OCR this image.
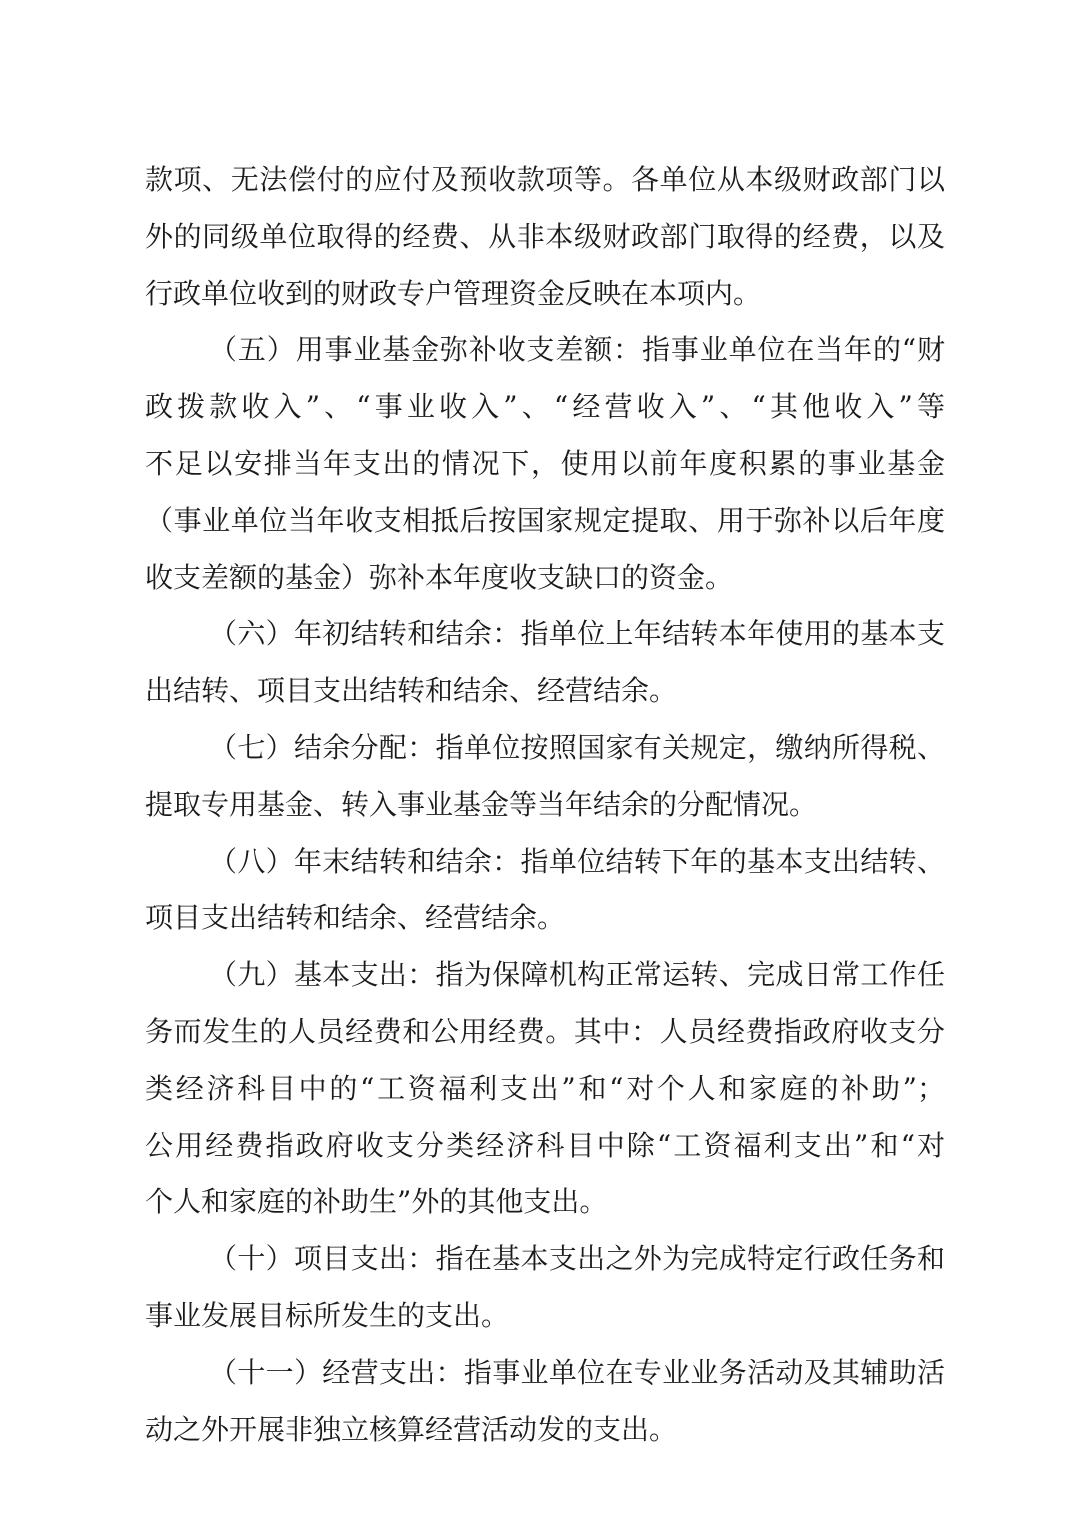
款项、无法偿付的应付及预收款项等。各单位从本级财政部门以
外的同级单位取得的经费、从非本级财政部门取得的经费，以及
行政单位收到的财政专户管理资金反映在本项内。
（五）用事业基金弥补收支差额：指事业单位在当年的“财
政拨款收入”、“事业收入”、“经营收入”、“其他收入”等
不足以安排当年支出的情况下，使用以前年度积累的事业基金
（事业单位当年收支相抵后按国家规定提取、用于弥补以后年度
收支差额的基金）弥补本年度收支缺口的资金。
（六）年初结转和结余：指单位上年结转本年使用的基本支
出结转、项目支出结转和结余、经营结余。
（七）结余分配：指单位按照国家有关规定，缴纳所得税、
提取专用基金、转入事业基金等当年结余的分配情况。
（八）年末结转和结余：指单位结转下年的基本支出结转、
项目支出结转和结余、经营结余。
（九）基本支出：指为保障机构正常运转、完成日常工作任
务而发生的人员经费和公用经费。其中：人员经费指政府收支分
类经济科目中的“工资福利支出”和“对个人和家庭的补助”；
公用经费指政府收支分类经济科目中除“工资福利支出”和“对
个人和家庭的补助生”外的其他支出。
（十）项目支出：指在基本支出之外为完成特定行政任务和
事业发展目标所发生的支出。
（十一）经营支出：指事业单位在专业业务活动及其辅助活
动之外开展非独立核算经营活动发的支出。
